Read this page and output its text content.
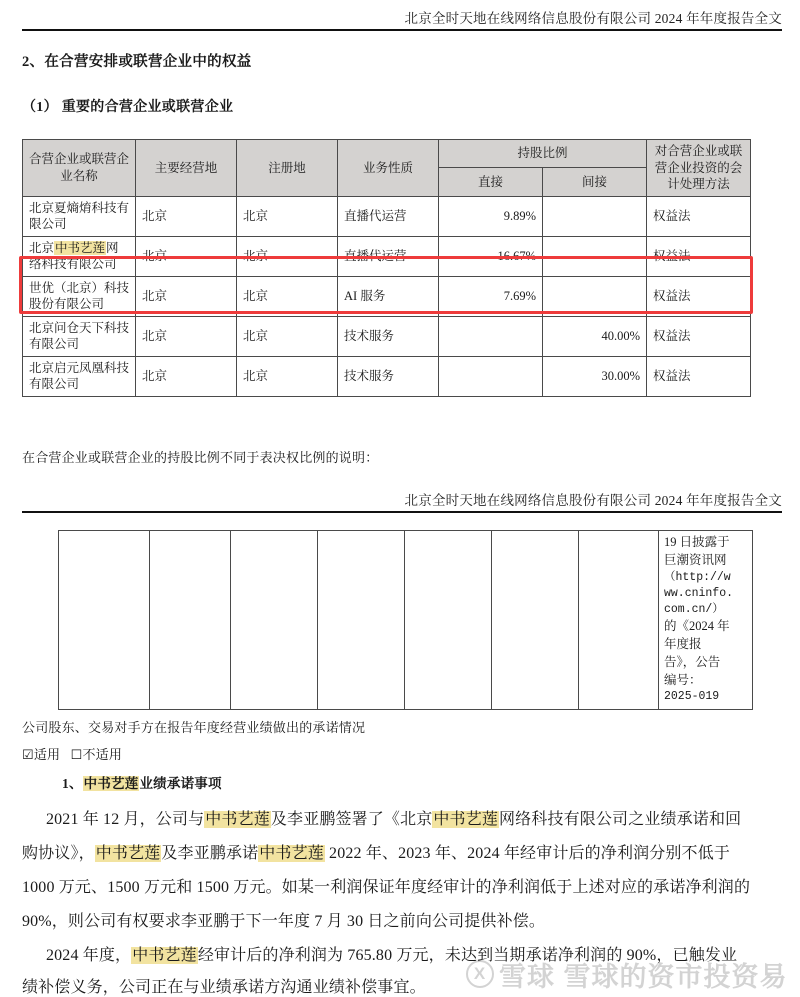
北京全时天地在线网络信息股份有限公司 2024 年年度报告全文
2、在合营安排或联营企业中的权益
（1） 重要的合营企业或联营企业
合营企业或联营企业名称	主要经营地	注册地	业务性质	持股比例		对合营企业或联营企业投资的会计处理方法
				直接	间接	
北京夏熵焴科技有限公司	北京	北京	直播代运营	9.89%		权益法
北京中书艺莲网络科技有限公司	北京	北京	直播代运营	16.67%		权益法
世优（北京）科技股份有限公司	北京	北京	AI 服务	7.69%		权益法
北京问仓天下科技有限公司	北京	北京	技术服务		40.00%	权益法
北京启元凤凰科技有限公司	北京	北京	技术服务		30.00%	权益法
在合营企业或联营企业的持股比例不同于表决权比例的说明：
北京全时天地在线网络信息股份有限公司 2024 年年度报告全文

19 日披露于
巨潮资讯网
（http://w
ww.cninfo.
com.cn/）
的《2024 年
年度报
告》，公告
编号：
2025-019
公司股东、交易对手方在报告年度经营业绩做出的承诺情况
☑适用 ☐不适用
1、中书艺莲业绩承诺事项
2021 年 12 月，公司与中书艺莲及李亚鹏签署了《北京中书艺莲网络科技有限公司之业绩承诺和回
购协议》，中书艺莲及李亚鹏承诺中书艺莲 2022 年、2023 年、2024 年经审计后的净利润分别不低于
1000 万元、1500 万元和 1500 万元。如某一利润保证年度经审计的净利润低于上述对应的承诺净利润的
90%，则公司有权要求李亚鹏于下一年度 7 月 30 日之前向公司提供补偿。
2024 年度，中书艺莲经审计后的净利润为 765.80 万元，未达到当期承诺净利润的 90%，已触发业
绩补偿义务，公司正在与业绩承诺方沟通业绩补偿事宜。
X 雪球 雪球的资市投资易
